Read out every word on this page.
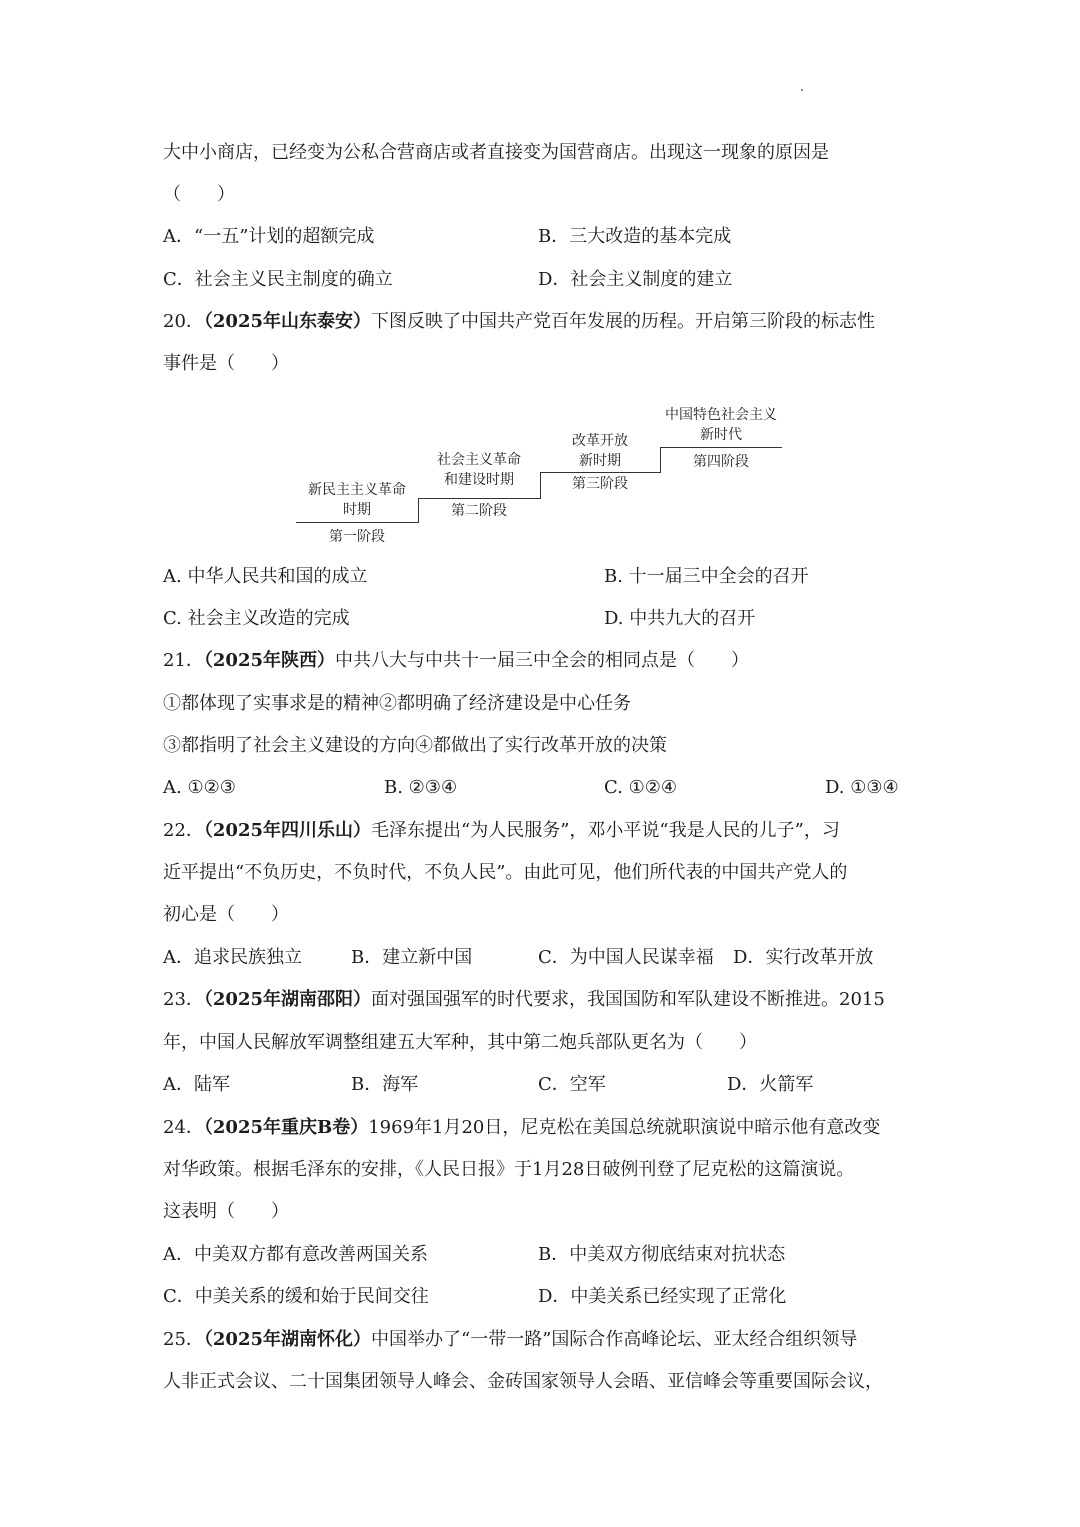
大中小商店，已经变为公私合营商店或者直接变为国营商店。出现这一现象的原因是
（　　）
A．“一五”计划的超额完成	B．三大改造的基本完成
C．社会主义民主制度的确立	D．社会主义制度的建立
20．（2025年山东泰安）下图反映了中国共产党百年发展的历程。开启第三阶段的标志性
事件是（　　）
新民主主义革命
时期
第一阶段
社会主义革命
和建设时期
第二阶段
改革开放
新时期
第三阶段
中国特色社会主义
新时代
第四阶段
A. 中华人民共和国的成立	B. 十一届三中全会的召开
C. 社会主义改造的完成	D. 中共九大的召开
21．（2025年陕西）中共八大与中共十一届三中全会的相同点是（　　）
①都体现了实事求是的精神②都明确了经济建设是中心任务
③都指明了社会主义建设的方向④都做出了实行改革开放的决策
A. ①②③	B. ②③④	C. ①②④	D. ①③④
22．（2025年四川乐山）毛泽东提出“为人民服务”，邓小平说“我是人民的儿子”，习
近平提出“不负历史，不负时代，不负人民”。由此可见，他们所代表的中国共产党人的
初心是（　　）
A．追求民族独立	B．建立新中国	C．为中国人民谋幸福 D．实行改革开放
23．（2025年湖南邵阳）面对强国强军的时代要求，我国国防和军队建设不断推进。2015
年，中国人民解放军调整组建五大军种，其中第二炮兵部队更名为（　　）
A．陆军	B．海军	C．空军	D．火箭军
24．（2025年重庆B卷）1969年1月20日，尼克松在美国总统就职演说中暗示他有意改变
对华政策。根据毛泽东的安排，《人民日报》于1月28日破例刊登了尼克松的这篇演说。
这表明（　　）
A．中美双方都有意改善两国关系	B．中美双方彻底结束对抗状态
C．中美关系的缓和始于民间交往	D．中美关系已经实现了正常化
25．（2025年湖南怀化）中国举办了“一带一路”国际合作高峰论坛、亚太经合组织领导
人非正式会议、二十国集团领导人峰会、金砖国家领导人会晤、亚信峰会等重要国际会议，
